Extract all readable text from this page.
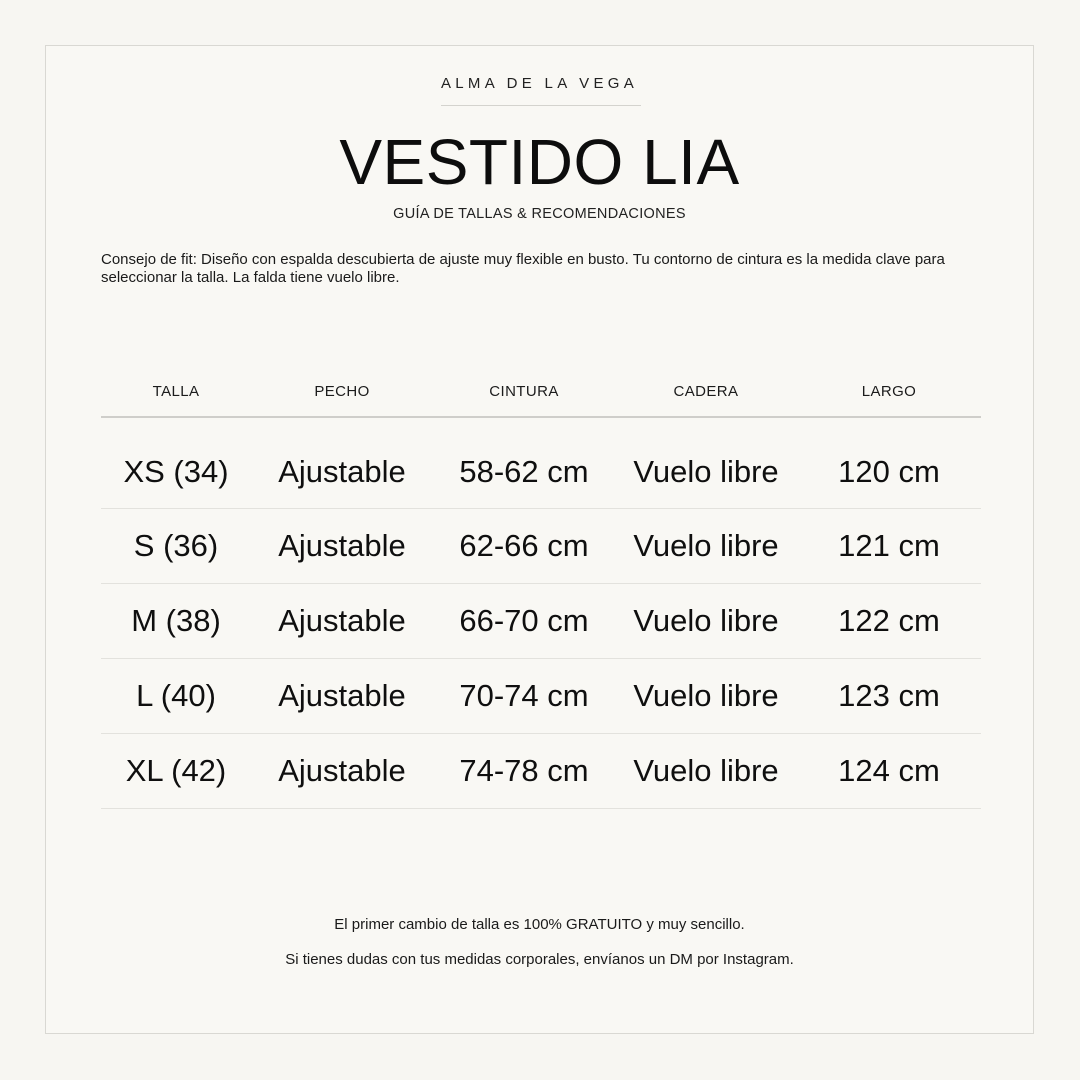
ALMA DE LA VEGA
VESTIDO LIA
GUÍA DE TALLAS & RECOMENDACIONES
Consejo de fit: Diseño con espalda descubierta de ajuste muy flexible en busto. Tu contorno de cintura es la medida clave para seleccionar la talla. La falda tiene vuelo libre.
TALLA	PECHO	CINTURA	CADERA	LARGO
XS (34)	Ajustable	58-62 cm	Vuelo libre	120 cm
S (36)	Ajustable	62-66 cm	Vuelo libre	121 cm
M (38)	Ajustable	66-70 cm	Vuelo libre	122 cm
L (40)	Ajustable	70-74 cm	Vuelo libre	123 cm
XL (42)	Ajustable	74-78 cm	Vuelo libre	124 cm
El primer cambio de talla es 100% GRATUITO y muy sencillo.
Si tienes dudas con tus medidas corporales, envíanos un DM por Instagram.
